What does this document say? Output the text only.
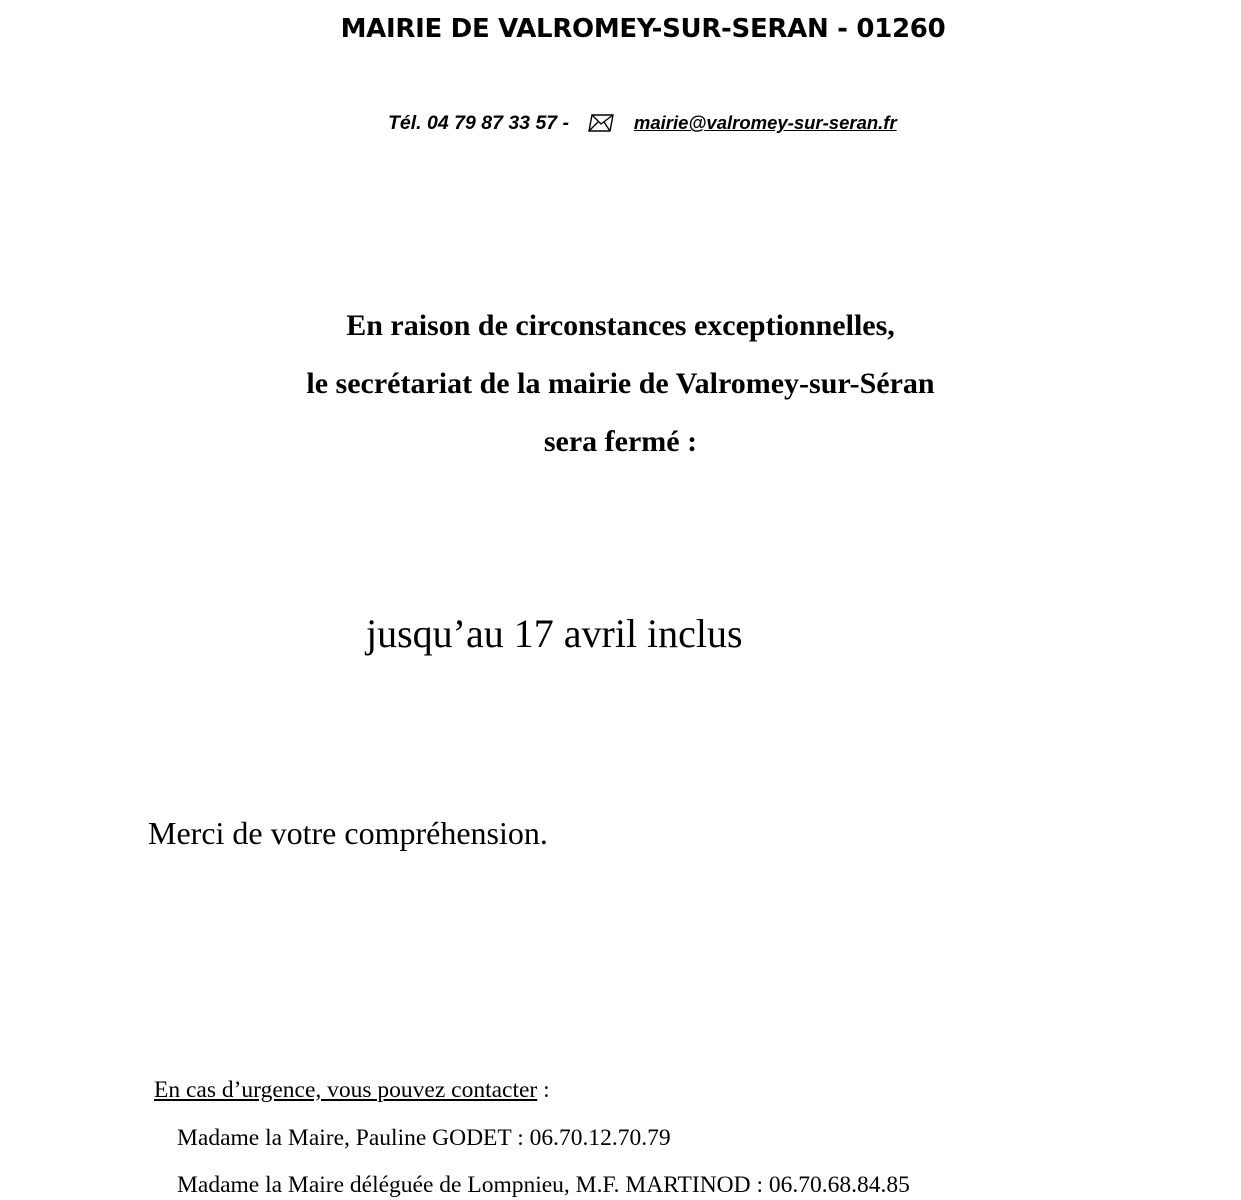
MAIRIE DE VALROMEY-SUR-SERAN - 01260
Tél. 04 79 87 33 57 -	mairie@valromey-sur-seran.fr
En raison de circonstances exceptionnelles,
le secrétariat de la mairie de Valromey-sur-Séran
sera fermé :
jusqu’au 17 avril inclus
Merci de votre compréhension.
En cas d’urgence, vous pouvez contacter :
Madame la Maire, Pauline GODET : 06.70.12.70.79
Madame la Maire déléguée de Lompnieu, M.F. MARTINOD : 06.70.68.84.85
